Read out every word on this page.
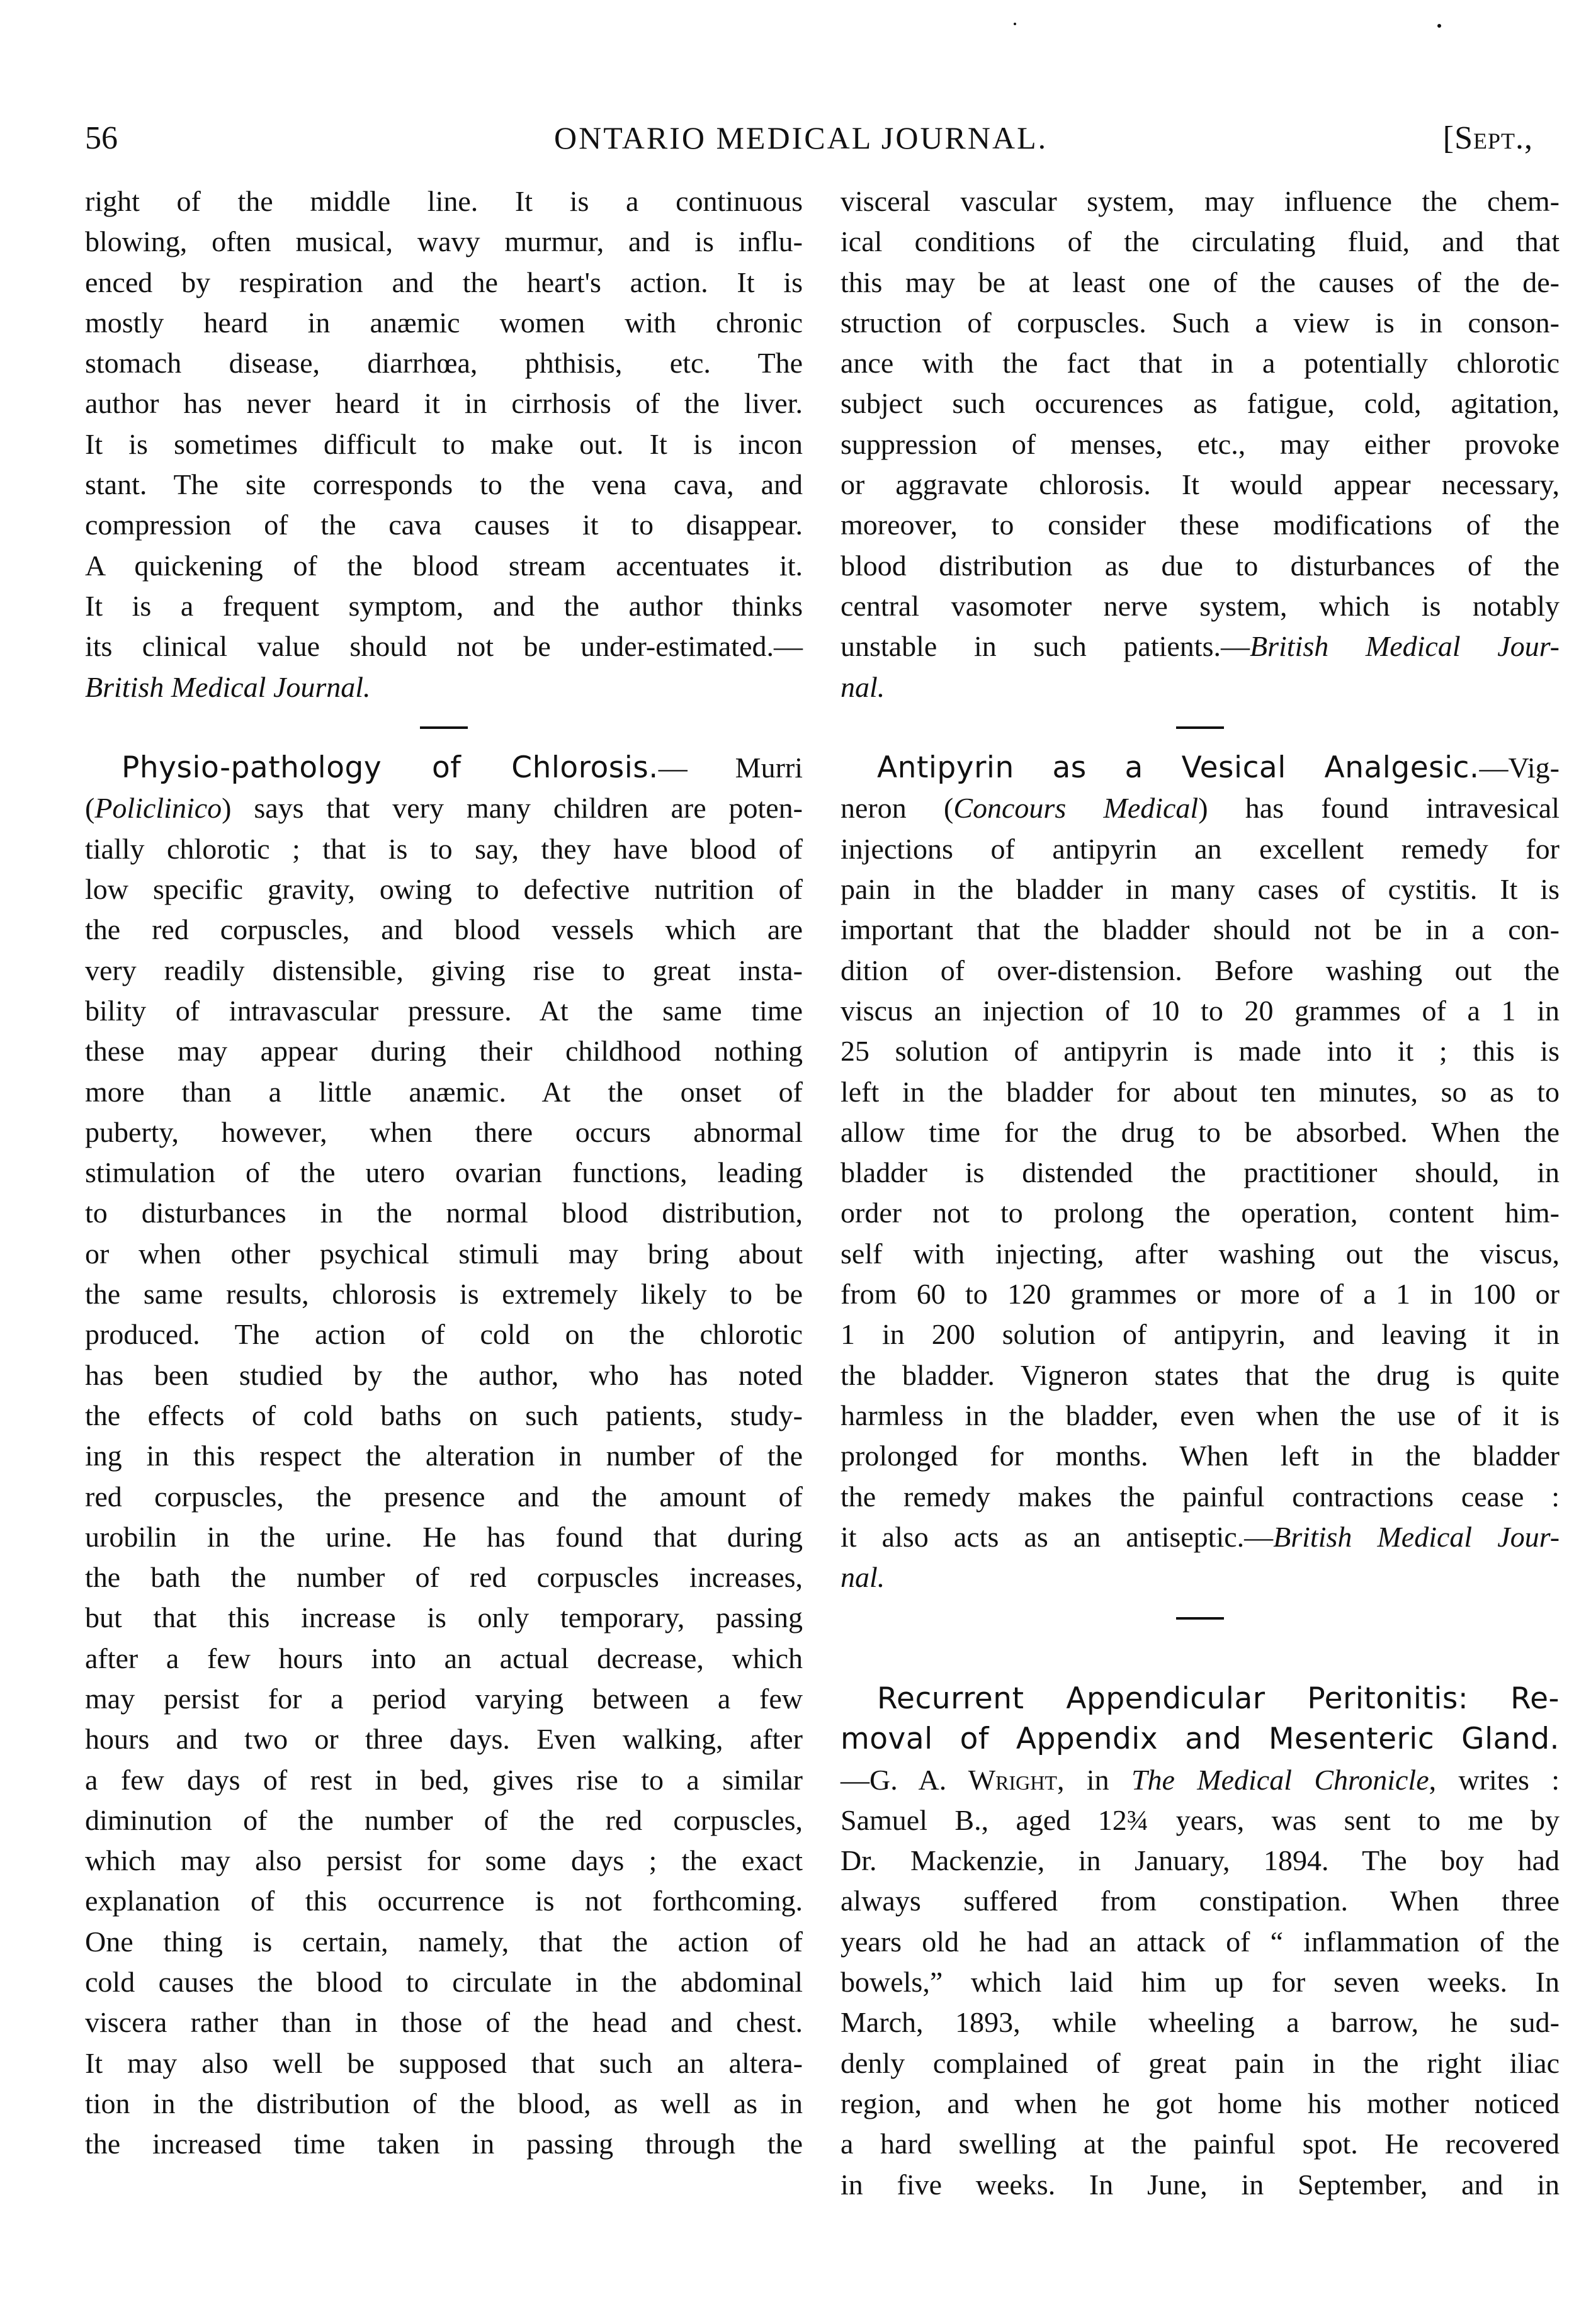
56	ONTARIO MEDICAL JOURNAL.	[Sept.,
right of the middle line. It is a continuous
blowing, often musical, wavy murmur, and is influ-
enced by respiration and the heart's action. It is
mostly heard in anæmic women with chronic
stomach disease, diarrhœa, phthisis, etc. The
author has never heard it in cirrhosis of the liver.
It is sometimes difficult to make out. It is incon
stant. The site corresponds to the vena cava, and
compression of the cava causes it to disappear.
A quickening of the blood stream accentuates it.
It is a frequent symptom, and the author thinks
its clinical value should not be under-estimated.—
British Medical Journal.
Physio-pathology of Chlorosis.— Murri
(Policlinico) says that very many children are poten-
tially chlorotic ; that is to say, they have blood of
low specific gravity, owing to defective nutrition of
the red corpuscles, and blood vessels which are
very readily distensible, giving rise to great insta-
bility of intravascular pressure. At the same time
these may appear during their childhood nothing
more than a little anæmic. At the onset of
puberty, however, when there occurs abnormal
stimulation of the utero ovarian functions, leading
to disturbances in the normal blood distribution,
or when other psychical stimuli may bring about
the same results, chlorosis is extremely likely to be
produced. The action of cold on the chlorotic
has been studied by the author, who has noted
the effects of cold baths on such patients, study-
ing in this respect the alteration in number of the
red corpuscles, the presence and the amount of
urobilin in the urine. He has found that during
the bath the number of red corpuscles increases,
but that this increase is only temporary, passing
after a few hours into an actual decrease, which
may persist for a period varying between a few
hours and two or three days. Even walking, after
a few days of rest in bed, gives rise to a similar
diminution of the number of the red corpuscles,
which may also persist for some days ; the exact
explanation of this occurrence is not forthcoming.
One thing is certain, namely, that the action of
cold causes the blood to circulate in the abdominal
viscera rather than in those of the head and chest.
It may also well be supposed that such an altera-
tion in the distribution of the blood, as well as in
the increased time taken in passing through the
visceral vascular system, may influence the chem-
ical conditions of the circulating fluid, and that
this may be at least one of the causes of the de-
struction of corpuscles. Such a view is in conson-
ance with the fact that in a potentially chlorotic
subject such occurences as fatigue, cold, agitation,
suppression of menses, etc., may either provoke
or aggravate chlorosis. It would appear necessary,
moreover, to consider these modifications of the
blood distribution as due to disturbances of the
central vasomoter nerve system, which is notably
unstable in such patients.—British Medical Jour-
nal.
Antipyrin as a Vesical Analgesic.—Vig-
neron (Concours Medical) has found intravesical
injections of antipyrin an excellent remedy for
pain in the bladder in many cases of cystitis. It is
important that the bladder should not be in a con-
dition of over-distension. Before washing out the
viscus an injection of 10 to 20 grammes of a 1 in
25 solution of antipyrin is made into it ; this is
left in the bladder for about ten minutes, so as to
allow time for the drug to be absorbed. When the
bladder is distended the practitioner should, in
order not to prolong the operation, content him-
self with injecting, after washing out the viscus,
from 60 to 120 grammes or more of a 1 in 100 or
1 in 200 solution of antipyrin, and leaving it in
the bladder. Vigneron states that the drug is quite
harmless in the bladder, even when the use of it is
prolonged for months. When left in the bladder
the remedy makes the painful contractions cease :
it also acts as an antiseptic.—British Medical Jour-
nal.
Recurrent Appendicular Peritonitis: Re-
moval of Appendix and Mesenteric Gland.
—G. A. Wright, in The Medical Chronicle, writes :
Samuel B., aged 12¾ years, was sent to me by
Dr. Mackenzie, in January, 1894. The boy had
always suffered from constipation. When three
years old he had an attack of “ inflammation of the
bowels,” which laid him up for seven weeks. In
March, 1893, while wheeling a barrow, he sud-
denly complained of great pain in the right iliac
region, and when he got home his mother noticed
a hard swelling at the painful spot. He recovered
in five weeks. In June, in September, and in
